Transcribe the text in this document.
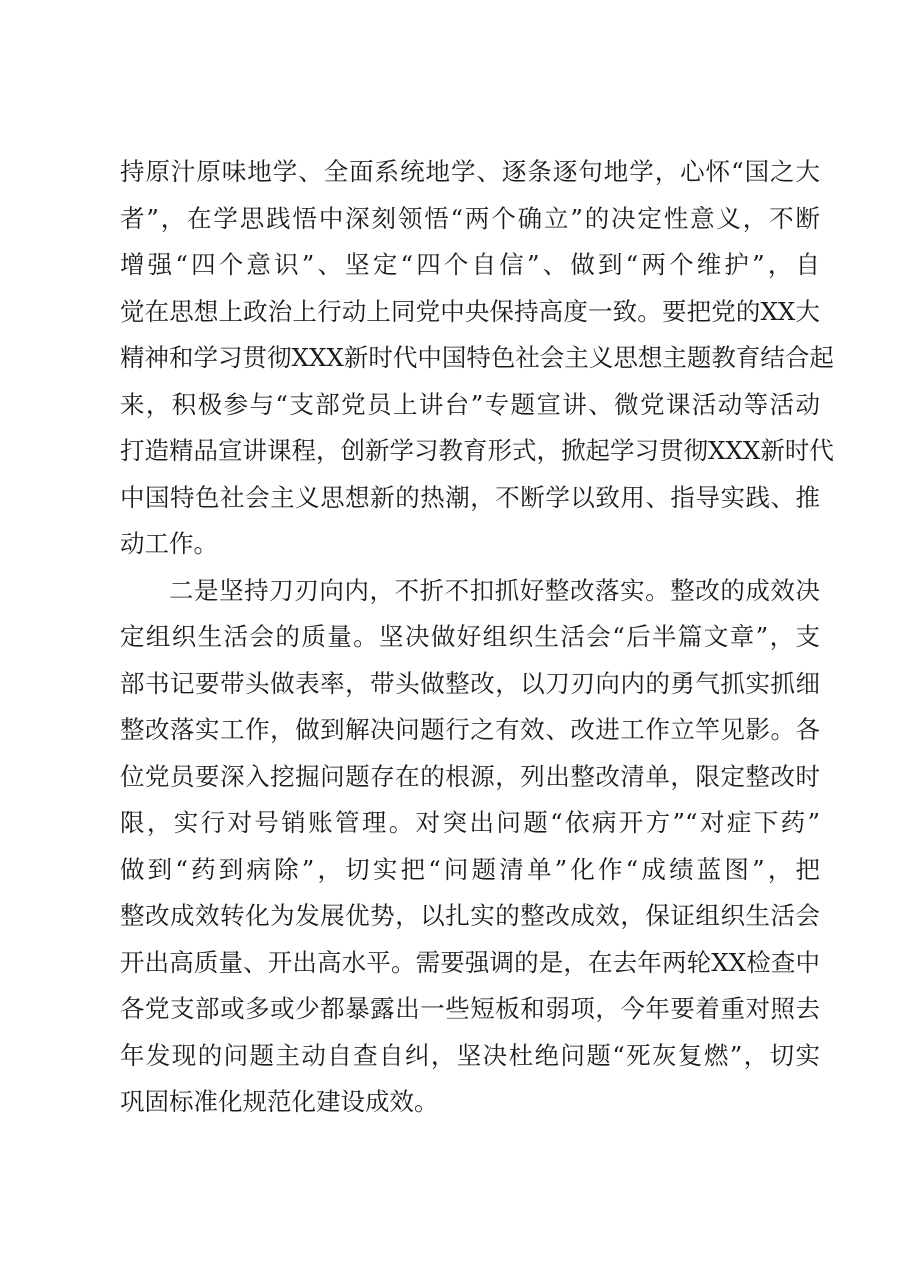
持原汁原味地学、全面系统地学、逐条逐句地学，心怀“国之大
者”，在学思践悟中深刻领悟“两个确立”的决定性意义，不断
增强“四个意识”、坚定“四个自信”、做到“两个维护”，自
觉在思想上政治上行动上同党中央保持高度一致。要把党的XX大
精神和学习贯彻XXX新时代中国特色社会主义思想主题教育结合起
来，积极参与“支部党员上讲台”专题宣讲、微党课活动等活动
打造精品宣讲课程，创新学习教育形式，掀起学习贯彻XXX新时代
中国特色社会主义思想新的热潮，不断学以致用、指导实践、推
动工作。
二是坚持刀刃向内，不折不扣抓好整改落实。整改的成效决
定组织生活会的质量。坚决做好组织生活会“后半篇文章”，支
部书记要带头做表率，带头做整改，以刀刃向内的勇气抓实抓细
整改落实工作，做到解决问题行之有效、改进工作立竿见影。各
位党员要深入挖掘问题存在的根源，列出整改清单，限定整改时
限，实行对号销账管理。对突出问题“依病开方”“对症下药”
做到“药到病除”，切实把“问题清单”化作“成绩蓝图”，把
整改成效转化为发展优势，以扎实的整改成效，保证组织生活会
开出高质量、开出高水平。需要强调的是，在去年两轮XX检查中
各党支部或多或少都暴露出一些短板和弱项，今年要着重对照去
年发现的问题主动自查自纠，坚决杜绝问题“死灰复燃”，切实
巩固标准化规范化建设成效。
